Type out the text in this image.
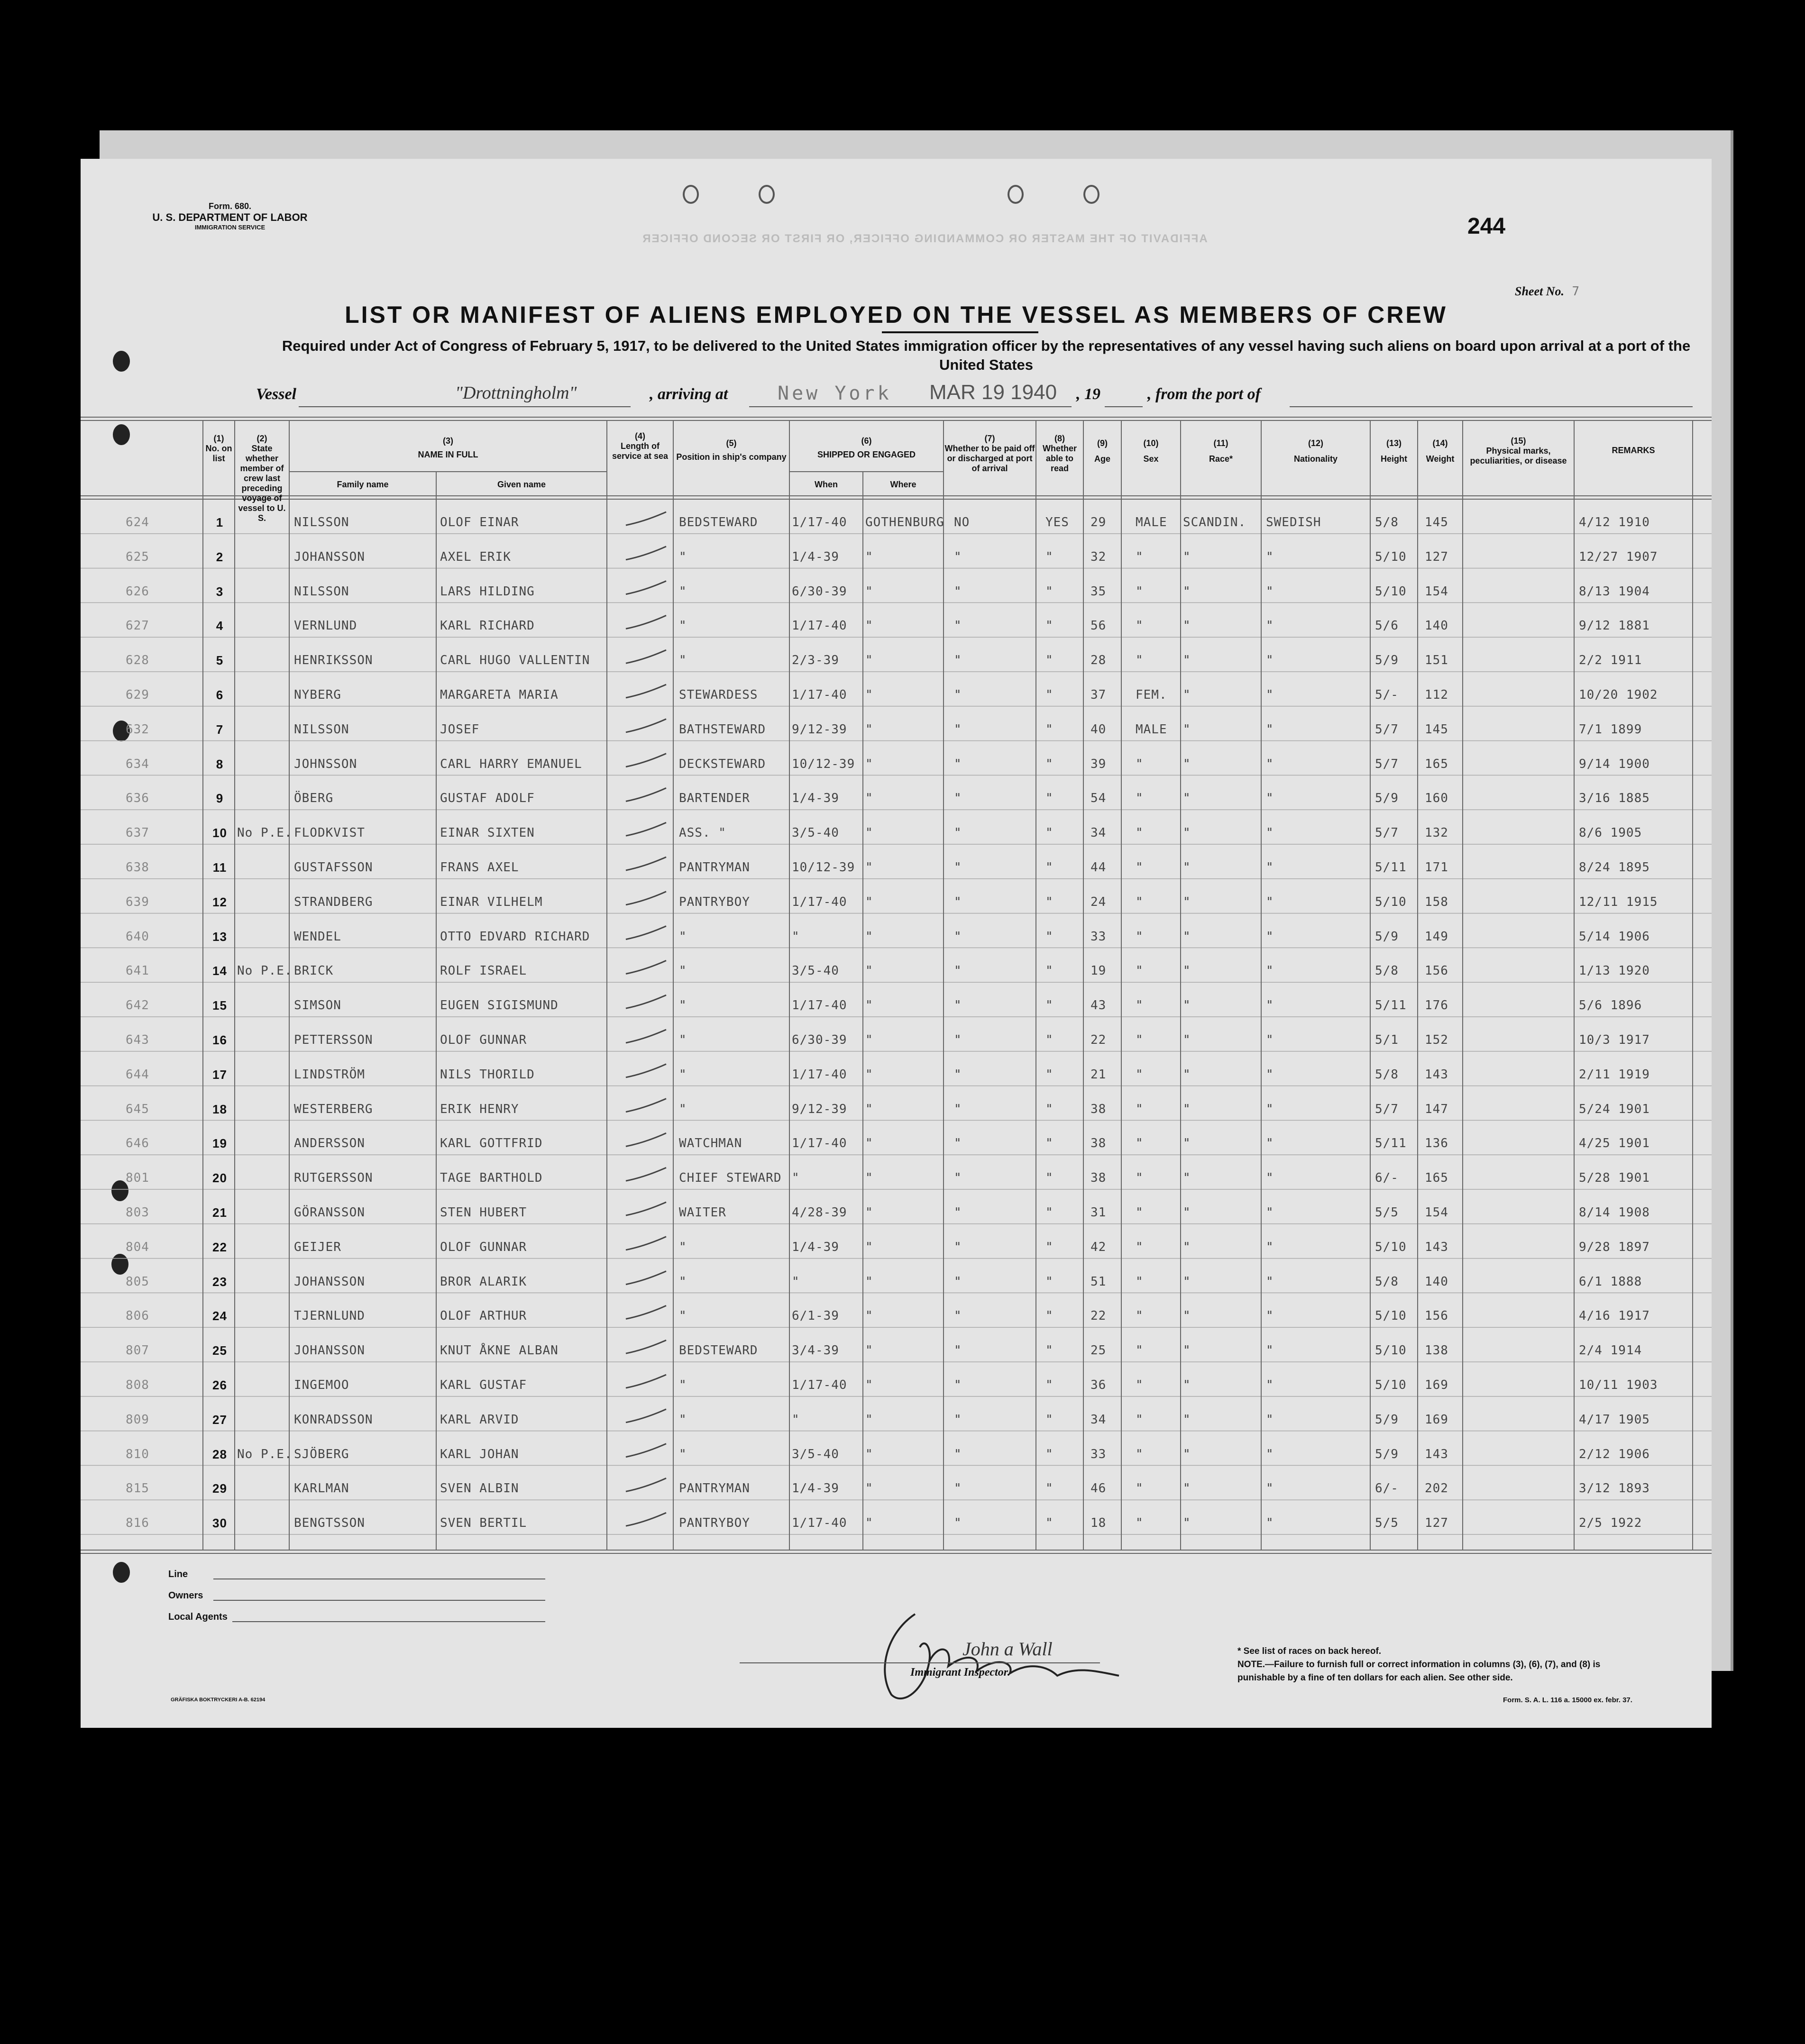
Form. 680.
U. S. DEPARTMENT OF LABOR
IMMIGRATION SERVICE
AFFIDAVIT OF THE MASTER OR COMMANDING OFFICER, OR FIRST OR SECOND OFFICER	244
Sheet No. 7
LIST OR MANIFEST OF ALIENS EMPLOYED ON THE VESSEL AS MEMBERS OF CREW
Required under Act of Congress of February 5, 1917, to be delivered to the United States immigration officer by the representatives of any vessel having such aliens on board upon arrival at a port of the United States
Vessel	"Drottningholm"	, arriving at	New York MAR 19 1940 , 19	, from the port of
(1)
No. on list
(2)
State whether member of crew last preceding voyage of vessel to U. S.
(3)
NAME IN FULL
Family name	Given name
(4)
Length of service at sea
(5)
Position in ship's company
(6)
SHIPPED OR ENGAGED
When	Where
(7)
Whether to be paid off or discharged at port of arrival
(8)
Whether able to read
(9)
Age
(10)
Sex
(11)
Race*
(12)
Nationality
(13)
Height
(14)
Weight
(15)
Physical marks, peculiarities, or disease
REMARKS
624	1	NILSSON	OLOF EINAR	BEDSTEWARD	1/17-40 GOTHENBURG NO	YES 29 MALE SCANDIN. SWEDISH	5/8 145	4/12 1910
625	2	JOHANSSON	AXEL ERIK	"	1/4-39 "	"	"	32 "	"	"	5/10 127	12/27 1907
626	3	NILSSON	LARS HILDING	"	6/30-39 "	"	"	35 "	"	"	5/10 154	8/13 1904
627	4	VERNLUND	KARL RICHARD	"	1/17-40 "	"	"	56 "	"	"	5/6 140	9/12 1881
628	5	HENRIKSSON	CARL HUGO VALLENTIN	"	2/3-39 "	"	"	28 "	"	"	5/9 151	2/2 1911
629	6	NYBERG	MARGARETA MARIA	STEWARDESS	1/17-40 "	"	"	37 FEM. "	"	5/- 112	10/20 1902
632	7	NILSSON	JOSEF	BATHSTEWARD 9/12-39 "	"	"	40 MALE "	"	5/7 145	7/1 1899
634	8	JOHNSSON	CARL HARRY EMANUEL	DECKSTEWARD 10/12-39 "	"	"	39 "	"	"	5/7 165	9/14 1900
636	9	ÖBERG	GUSTAF ADOLF	BARTENDER	1/4-39 "	"	"	54 "	"	"	5/9 160	3/16 1885
637	10 No P.E. FLODKVIST	EINAR SIXTEN	ASS. "	3/5-40 "	"	"	34 "	"	"	5/7 132	8/6 1905
638	11	GUSTAFSSON	FRANS AXEL	PANTRYMAN	10/12-39 "	"	"	44 "	"	"	5/11 171	8/24 1895
639	12	STRANDBERG	EINAR VILHELM	PANTRYBOY	1/17-40 "	"	"	24 "	"	"	5/10 158	12/11 1915
640	13	WENDEL	OTTO EDVARD RICHARD	"	"	"	"	"	33 "	"	"	5/9 149	5/14 1906
641	14 No P.E. BRICK	ROLF ISRAEL	"	3/5-40 "	"	"	19 "	"	"	5/8 156	1/13 1920
642	15	SIMSON	EUGEN SIGISMUND	"	1/17-40 "	"	"	43 "	"	"	5/11 176	5/6 1896
643	16	PETTERSSON	OLOF GUNNAR	"	6/30-39 "	"	"	22 "	"	"	5/1 152	10/3 1917
644	17	LINDSTRÖM	NILS THORILD	"	1/17-40 "	"	"	21 "	"	"	5/8 143	2/11 1919
645	18	WESTERBERG	ERIK HENRY	"	9/12-39 "	"	"	38 "	"	"	5/7 147	5/24 1901
646	19	ANDERSSON	KARL GOTTFRID	WATCHMAN	1/17-40 "	"	"	38 "	"	"	5/11 136	4/25 1901
801	20	RUTGERSSON	TAGE BARTHOLD	CHIEF STEWARD "	"	"	"	38 "	"	"	6/- 165	5/28 1901
803	21	GÖRANSSON	STEN HUBERT	WAITER	4/28-39 "	"	"	31 "	"	"	5/5 154	8/14 1908
804	22	GEIJER	OLOF GUNNAR	"	1/4-39 "	"	"	42 "	"	"	5/10 143	9/28 1897
805	23	JOHANSSON	BROR ALARIK	"	"	"	"	"	51 "	"	"	5/8 140	6/1 1888
806	24	TJERNLUND	OLOF ARTHUR	"	6/1-39 "	"	"	22 "	"	"	5/10 156	4/16 1917
807	25	JOHANSSON	KNUT ÅKNE ALBAN	BEDSTEWARD	3/4-39 "	"	"	25 "	"	"	5/10 138	2/4 1914
808	26	INGEMOO	KARL GUSTAF	"	1/17-40 "	"	"	36 "	"	"	5/10 169	10/11 1903
809	27	KONRADSSON	KARL ARVID	"	"	"	"	"	34 "	"	"	5/9 169	4/17 1905
810	28 No P.E. SJÖBERG	KARL JOHAN	"	3/5-40 "	"	"	33 "	"	"	5/9 143	2/12 1906
815	29	KARLMAN	SVEN ALBIN	PANTRYMAN	1/4-39 "	"	"	46 "	"	"	6/- 202	3/12 1893
816	30	BENGTSSON	SVEN BERTIL	PANTRYBOY	1/17-40 "	"	"	18 "	"	"	5/5 127	2/5 1922
Line
Owners
Local Agents
John a Wall
Immigrant Inspector.
* See list of races on back hereof.
NOTE.—Failure to furnish full or correct information in columns (3), (6), (7), and (8) is punishable by a fine of ten dollars for each alien. See other side.
Form. S. A. L. 116 a. 15000 ex. febr. 37.
GRÄFISKA BOKTRYCKERI A-B. 62194
